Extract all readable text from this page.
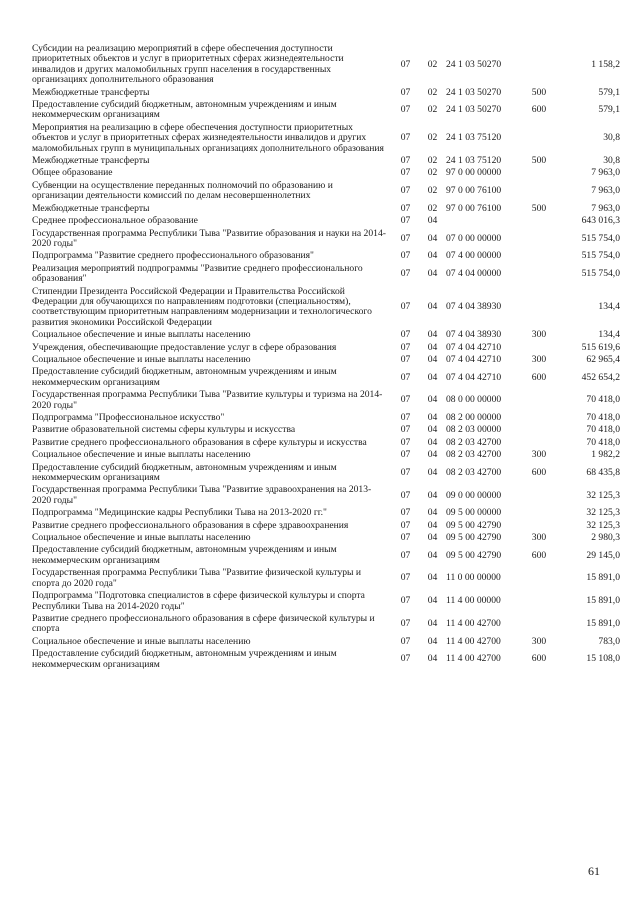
Субсидии на реализацию мероприятий в сфере обеспечения доступности приоритетных объектов и услуг в приоритетных сферах жизнедеятельности инвалидов и других маломобильных групп населения в государственных организациях дополнительного образования	07	02	24 1 03 50270		1 158,2
Межбюджетные трансферты	07	02	24 1 03 50270	500	579,1
Предоставление субсидий бюджетным, автономным учреждениям и иным некоммерческим организациям	07	02	24 1 03 50270	600	579,1
Мероприятия на реализацию в сфере обеспечения доступности приоритетных объектов и услуг в приоритетных сферах жизнедеятельности инвалидов и других маломобильных групп в муниципальных организациях дополнительного образования	07	02	24 1 03 75120		30,8
Межбюджетные трансферты	07	02	24 1 03 75120	500	30,8
Общее образование	07	02	97 0 00 00000		7 963,0
Субвенции на осуществление переданных полномочий по образованию и организации деятельности комиссий по делам несовершеннолетних	07	02	97 0 00 76100		7 963,0
Межбюджетные трансферты	07	02	97 0 00 76100	500	7 963,0
Среднее профессиональное образование	07	04			643 016,3
Государственная программа Республики Тыва "Развитие образования и науки на 2014-2020 годы"	07	04	07 0 00 00000		515 754,0
Подпрограмма "Развитие среднего профессионального образования"	07	04	07 4 00 00000		515 754,0
Реализация мероприятий подпрограммы "Развитие среднего профессионального образования"	07	04	07 4 04 00000		515 754,0
Стипендии Президента Российской Федерации и Правительства Российской Федерации для обучающихся по направлениям подготовки (специальностям), соответствующим приоритетным направлениям модернизации и технологического развития экономики Российской Федерации	07	04	07 4 04 38930		134,4
Социальное обеспечение и иные выплаты населению	07	04	07 4 04 38930	300	134,4
Учреждения, обеспечивающие предоставление услуг в сфере образования	07	04	07 4 04 42710		515 619,6
Социальное обеспечение и иные выплаты населению	07	04	07 4 04 42710	300	62 965,4
Предоставление субсидий бюджетным, автономным учреждениям и иным некоммерческим организациям	07	04	07 4 04 42710	600	452 654,2
Государственная программа Республики Тыва "Развитие культуры и туризма на 2014-2020 годы"	07	04	08 0 00 00000		70 418,0
Подпрограмма "Профессиональное искусство"	07	04	08 2 00 00000		70 418,0
Развитие образовательной системы сферы культуры и искусства	07	04	08 2 03 00000		70 418,0
Развитие среднего профессионального образования в сфере культуры и искусства	07	04	08 2 03 42700		70 418,0
Социальное обеспечение и иные выплаты населению	07	04	08 2 03 42700	300	1 982,2
Предоставление субсидий бюджетным, автономным учреждениям и иным некоммерческим организациям	07	04	08 2 03 42700	600	68 435,8
Государственная программа Республики Тыва "Развитие здравоохранения на 2013-2020 годы"	07	04	09 0 00 00000		32 125,3
Подпрограмма "Медицинские кадры Республики Тыва на 2013-2020 гг."	07	04	09 5 00 00000		32 125,3
Развитие среднего профессионального образования в сфере здравоохранения	07	04	09 5 00 42790		32 125,3
Социальное обеспечение и иные выплаты населению	07	04	09 5 00 42790	300	2 980,3
Предоставление субсидий бюджетным, автономным учреждениям и иным некоммерческим организациям	07	04	09 5 00 42790	600	29 145,0
Государственная программа Республики Тыва "Развитие физической культуры и спорта до 2020 года"	07	04	11 0 00 00000		15 891,0
Подпрограмма "Подготовка специалистов в сфере физической культуры и спорта Республики Тыва на 2014-2020 годы"	07	04	11 4 00 00000		15 891,0
Развитие среднего профессионального образования в сфере физической культуры и спорта	07	04	11 4 00 42700		15 891,0
Социальное обеспечение и иные выплаты населению	07	04	11 4 00 42700	300	783,0
Предоставление субсидий бюджетным, автономным учреждениям и иным некоммерческим организациям	07	04	11 4 00 42700	600	15 108,0
61
